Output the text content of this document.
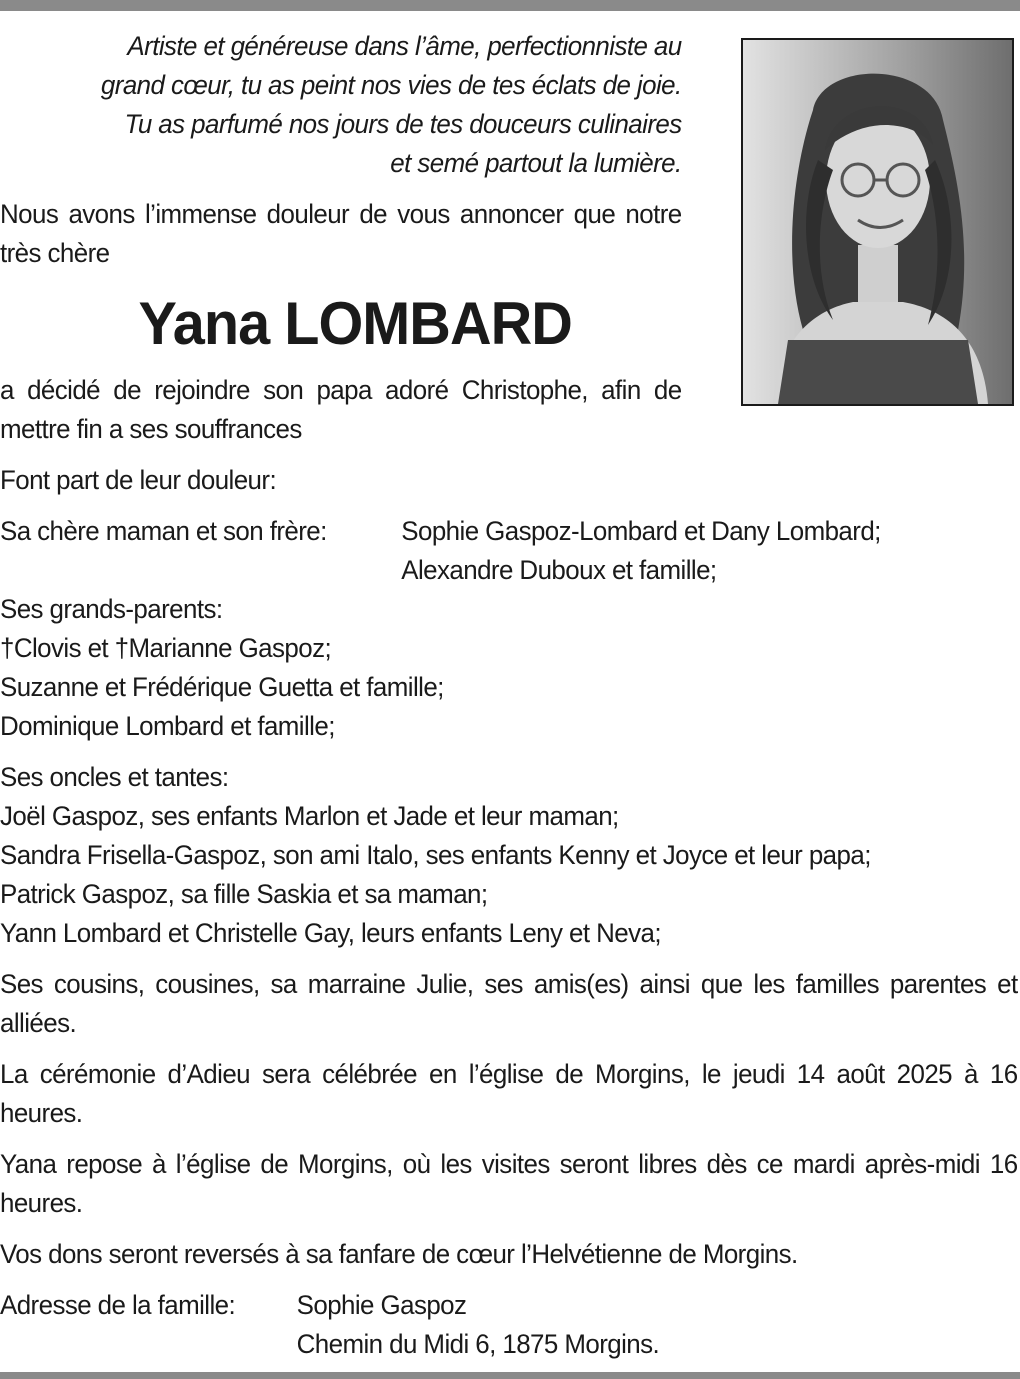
Artiste et généreuse dans l’âme, perfectionniste au

grand cœur, tu as peint nos vies de tes éclats de joie.

Tu as parfumé nos jours de tes douceurs culinaires

et semé partout la lumière.

Nous avons l’immense douleur de vous annoncer que notre très chère

Yana LOMBARD

a décidé de rejoindre son papa adoré Christophe, afin de mettre fin a ses souffrances

Font part de leur douleur:

Sa chère maman et son frère:	Sophie Gaspoz-Lombard et Dany Lombard;

Alexandre Duboux et famille;

Ses grands-parents:

†Clovis et †Marianne Gaspoz;

Suzanne et Frédérique Guetta et famille;

Dominique Lombard et famille;

Ses oncles et tantes:

Joël Gaspoz, ses enfants Marlon et Jade et leur maman;

Sandra Frisella-Gaspoz, son ami Italo, ses enfants Kenny et Joyce et leur papa;

Patrick Gaspoz, sa fille Saskia et sa maman;

Yann Lombard et Christelle Gay, leurs enfants Leny et Neva;

Ses cousins, cousines, sa marraine Julie, ses amis(es) ainsi que les familles parentes et alliées.

La cérémonie d’Adieu sera célébrée en l’église de Morgins, le jeudi 14 août 2025 à 16 heures.

Yana repose à l’église de Morgins, où les visites seront libres dès ce mardi après-midi 16 heures.

Vos dons seront reversés à sa fanfare de cœur l’Helvétienne de Morgins.

Adresse de la famille:	Sophie Gaspoz

Chemin du Midi 6, 1875 Morgins.
